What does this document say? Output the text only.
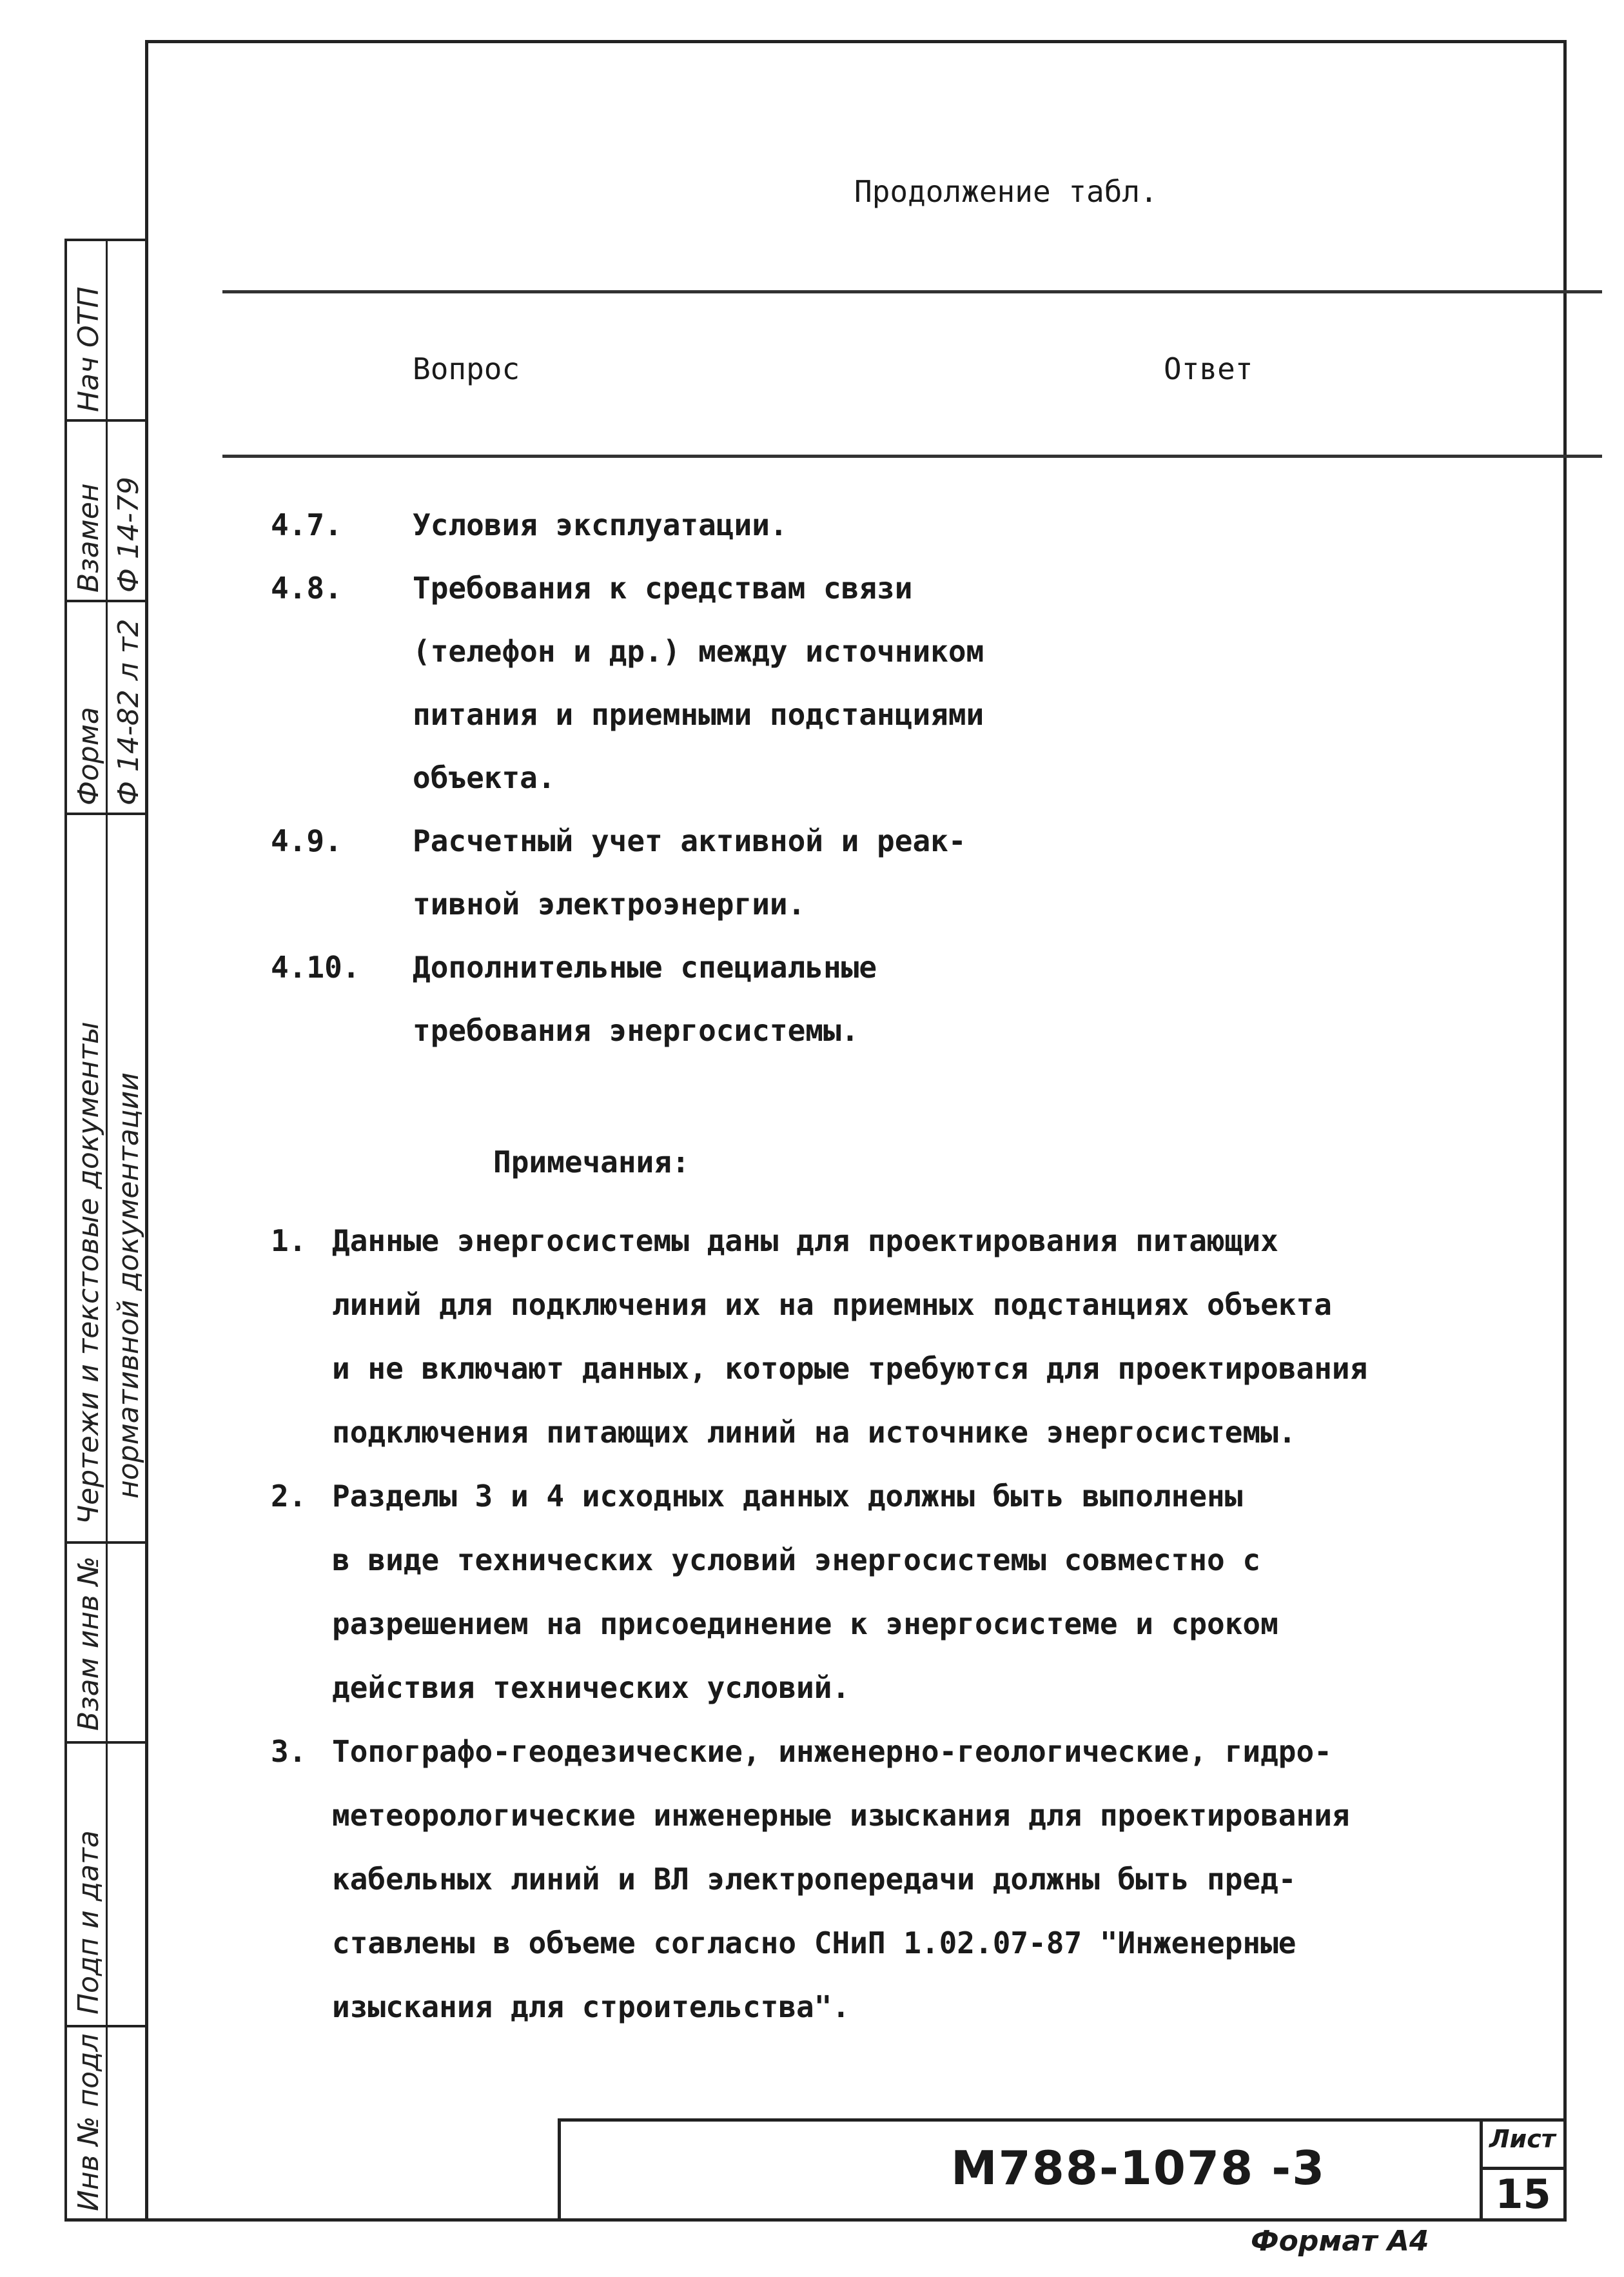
Нач ОТП
Взамен Ф 14-79
Форма Ф 14-82 л т2
Чертежи и текстовые документы нормативной документации
Взам инв №
Подп и дата
Инв № подл
Продолжение табл.
Вопрос	Ответ
4.7. Условия эксплуатации.
4.8. Требования к средствам связи
(телефон и др.) между источником
питания и приемными подстанциями
объекта.
4.9. Расчетный учет активной и реак-
тивной электроэнергии.
4.10. Дополнительные специальные
требования энергосистемы.
Примечания:
1. Данные энергосистемы даны для проектирования питающих
линий для подключения их на приемных подстанциях объекта
и не включают данных, которые требуются для проектирования
подключения питающих линий на источнике энергосистемы.
2. Разделы 3 и 4 исходных данных должны быть выполнены
в виде технических условий энергосистемы совместно с
разрешением на присоединение к энергосистеме и сроком
действия технических условий.
3. Топографо-геодезические, инженерно-геологические, гидро-
метеорологические инженерные изыскания для проектирования
кабельных линий и ВЛ электропередачи должны быть пред-
ставлены в объеме согласно СНиП 1.02.07-87 "Инженерные
изыскания для строительства".
М788-1078 -3
Лист
15
Формат А4
